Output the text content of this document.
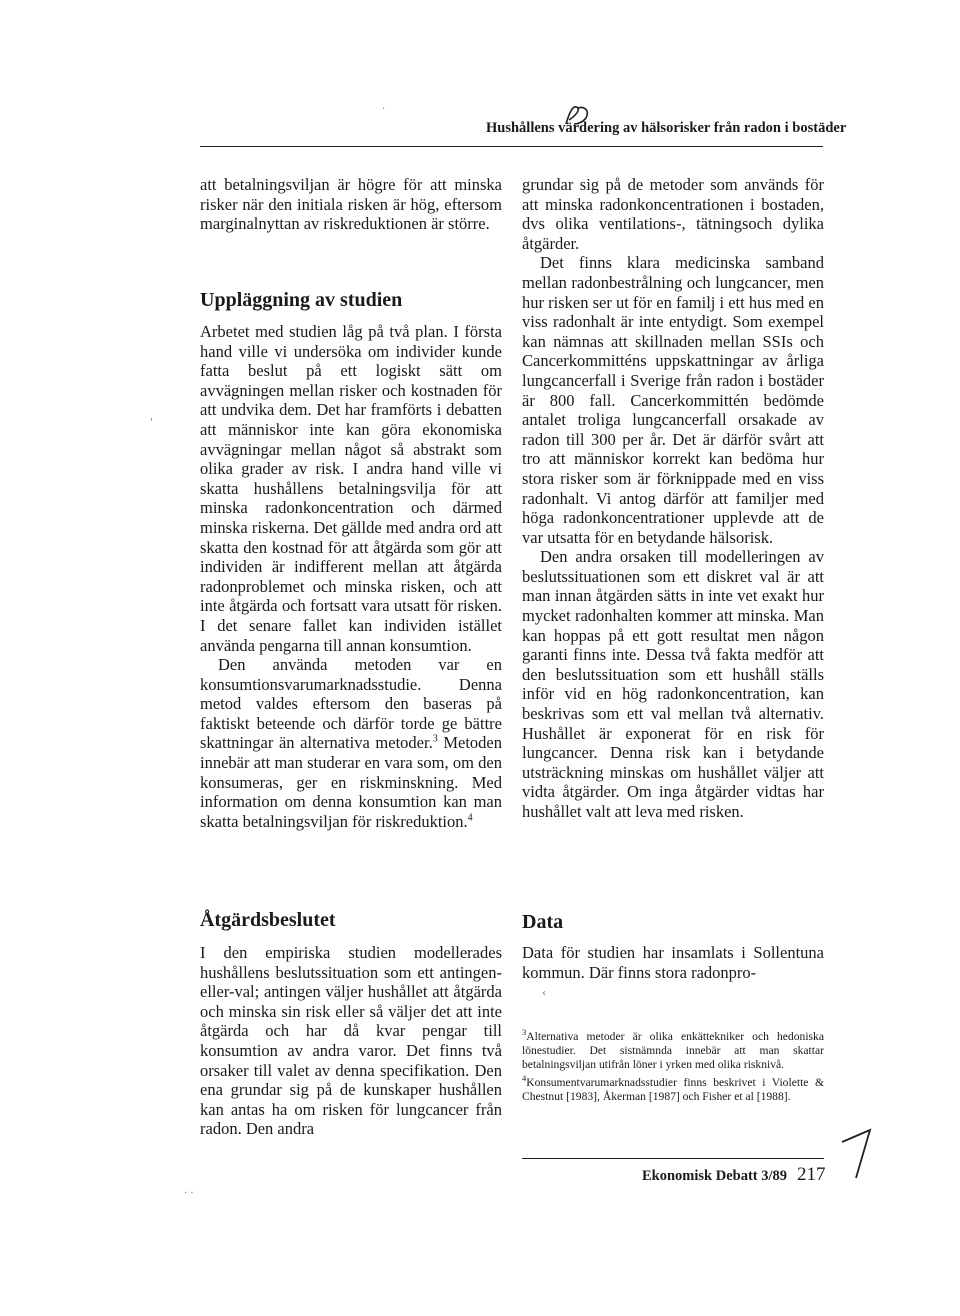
Hushållens värdering av hälsorisker från radon i bostäder

att betalningsviljan är högre för att minska risker när den initiala risken är hög, eftersom marginalnyttan av riskreduktionen är större.

Uppläggning av studien

Arbetet med studien låg på två plan. I första hand ville vi undersöka om individer kunde fatta beslut på ett logiskt sätt om avvägningen mellan risker och kostnaden för att undvika dem. Det har framförts i debatten att människor inte kan göra ekonomiska avvägningar mellan något så abstrakt som olika grader av risk. I andra hand ville vi skatta hushållens betalningsvilja för att minska radonkoncentration och därmed minska riskerna. Det gällde med andra ord att skatta den kostnad för att åtgärda som gör att individen är indifferent mellan att åtgärda radonproblemet och minska risken, och att inte åtgärda och fortsatt vara utsatt för risken. I det senare fallet kan individen istället använda pengarna till annan konsumtion.

Den använda metoden var en konsumtionsvarumarknadsstudie. Denna metod valdes eftersom den baseras på faktiskt beteende och därför torde ge bättre skattningar än alternativa metoder.$^3$ Metoden innebär att man studerar en vara som, om den konsumeras, ger en riskminskning. Med information om denna konsumtion kan man skatta betalningsviljan för riskreduktion.$^4$

Åtgärdsbeslutet

I den empiriska studien modellerades hushållens beslutssituation som ett antingen-eller-val; antingen väljer hushållet att åtgärda och minska sin risk eller så väljer det att inte åtgärda och har då kvar pengar till konsumtion av andra varor. Det finns två orsaker till valet av denna specifikation. Den ena grundar sig på de kunskaper hushållen kan antas ha om risken för lungcancer från radon. Den andra

grundar sig på de metoder som används för att minska radonkoncentrationen i bostaden, dvs olika ventilations-, tätningsoch dylika åtgärder.

Det finns klara medicinska samband mellan radonbestrålning och lungcancer, men hur risken ser ut för en familj i ett hus med en viss radonhalt är inte entydigt. Som exempel kan nämnas att skillnaden mellan SSIs och Cancerkommitténs uppskattningar av årliga lungcancerfall i Sverige från radon i bostäder är 800 fall. Cancerkommittén bedömde antalet troliga lungcancerfall orsakade av radon till 300 per år. Det är därför svårt att tro att människor korrekt kan bedöma hur stora risker som är förknippade med en viss radonhalt. Vi antog därför att familjer med höga radonkoncentrationer upplevde att de var utsatta för en betydande hälsorisk.

Den andra orsaken till modelleringen av beslutssituationen som ett diskret val är att man innan åtgärden sätts in inte vet exakt hur mycket radonhalten kommer att minska. Man kan hoppas på ett gott resultat men någon garanti finns inte. Dessa två fakta medför att den beslutssituation som ett hushåll ställs inför vid en hög radonkoncentration, kan beskrivas som ett val mellan två alternativ. Hushållet är exponerat för en risk för lungcancer. Denna risk kan i betydande utsträckning minskas om hushållet väljer att vidta åtgärder. Om inga åtgärder vidtas har hushållet valt att leva med risken.

Data

Data för studien har insamlats i Sollentuna kommun. Där finns stora radonpro-

$^3$Alternativa metoder är olika enkättekniker och hedoniska lönestudier. Det sistnämnda innebär att man skattar betalningsviljan utifrån löner i yrken med olika risknivå.

$^4$Konsumentvarumarknadsstudier finns beskrivet i Violette & Chestnut [1983], Åkerman [1987] och Fisher et al [1988].

Ekonomisk Debatt 3/89 217
·
'
· ·
‹
